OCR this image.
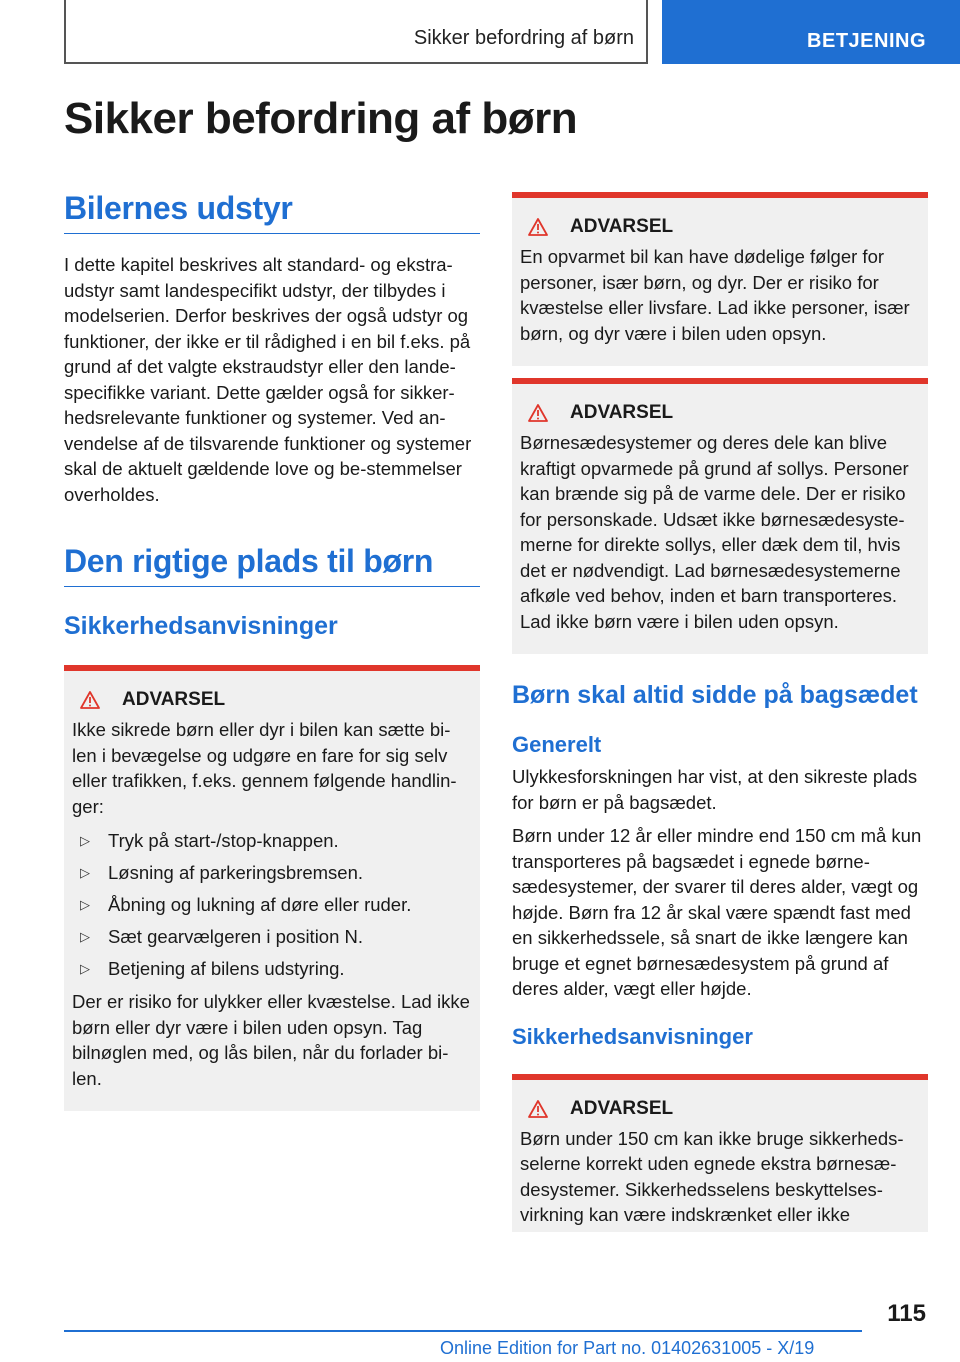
Sikker befordring af børn	BETJENING
Sikker befordring af børn
Bilernes udstyr

I dette kapitel beskrives alt standard- og ekstra-udstyr samt landespecifikt udstyr, der tilbydes i modelserien. Derfor beskrives der også udstyr og funktioner, der ikke er til rådighed i en bil f.eks. på grund af det valgte ekstraudstyr eller den lande-specifikke variant. Dette gælder også for sikker-hedsrelevante funktioner og systemer. Ved an-vendelse af de tilsvarende funktioner og systemer skal de aktuelt gældende love og be-stemmelser overholdes.

Den rigtige plads til børn
Sikkerhedsanvisninger
ADVARSEL

Ikke sikrede børn eller dyr i bilen kan sætte bi-len i bevægelse og udgøre en fare for sig selv eller trafikken, f.eks. gennem følgende handlin-ger:

▷ Tryk på start-/stop-knappen.
▷ Løsning af parkeringsbremsen.
▷ Åbning og lukning af døre eller ruder.
▷ Sæt gearvælgeren i position N.
▷ Betjening af bilens udstyring.

Der er risiko for ulykker eller kvæstelse. Lad ikke børn eller dyr være i bilen uden opsyn. Tag bilnøglen med, og lås bilen, når du forlader bi-len.

ADVARSEL

En opvarmet bil kan have dødelige følger for personer, især børn, og dyr. Der er risiko for kvæstelse eller livsfare. Lad ikke personer, især børn, og dyr være i bilen uden opsyn.

ADVARSEL

Børnesædesystemer og deres dele kan blive kraftigt opvarmede på grund af sollys. Personer kan brænde sig på de varme dele. Der er risiko for personskade. Udsæt ikke børnesædesyste-merne for direkte sollys, eller dæk dem til, hvis det er nødvendigt. Lad børnesædesystemerne afkøle ved behov, inden et barn transporteres. Lad ikke børn være i bilen uden opsyn.

Børn skal altid sidde på bagsædet
Generelt

Ulykkesforskningen har vist, at den sikreste plads for børn er på bagsædet.

Børn under 12 år eller mindre end 150 cm må kun transporteres på bagsædet i egnede børne-sædesystemer, der svarer til deres alder, vægt og højde. Børn fra 12 år skal være spændt fast med en sikkerhedssele, så snart de ikke længere kan bruge et egnet børnesædesystem på grund af deres alder, vægt eller højde.

Sikkerhedsanvisninger
ADVARSEL

Børn under 150 cm kan ikke bruge sikkerheds-selerne korrekt uden egnede ekstra børnesæ-desystemer. Sikkerhedsselens beskyttelses-virkning kan være indskrænket eller ikke

115
Online Edition for Part no. 01402631005 - X/19
